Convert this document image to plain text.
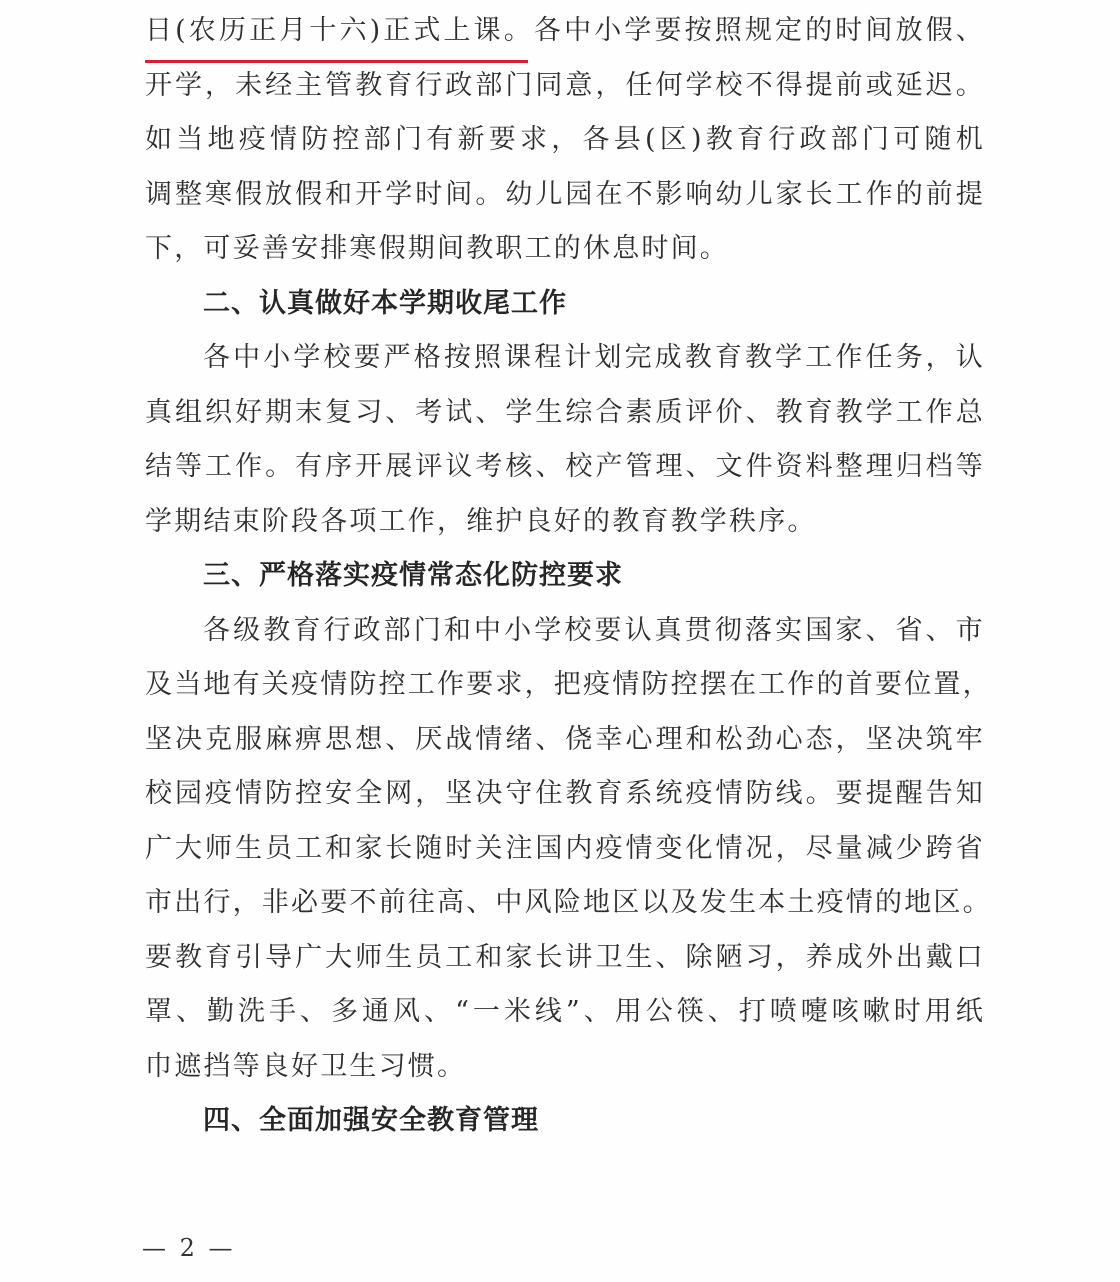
日(农历正月十六)正式上课
。各中小学要按照规定的时间放假、
开学，未经主管教育行政部门同意，任何学校不得提前或延迟。
如当地疫情防控部门有新要求，各县(区)教育行政部门可随机
调整寒假放假和开学时间。幼儿园在不影响幼儿家长工作的前提
下，可妥善安排寒假期间教职工的休息时间。
二、认真做好本学期收尾工作
各中小学校要严格按照课程计划完成教育教学工作任务，认
真组织好期末复习、考试、学生综合素质评价、教育教学工作总
结等工作。有序开展评议考核、校产管理、文件资料整理归档等
学期结束阶段各项工作，维护良好的教育教学秩序。
三、严格落实疫情常态化防控要求
各级教育行政部门和中小学校要认真贯彻落实国家、省、市
及当地有关疫情防控工作要求，把疫情防控摆在工作的首要位置，
坚决克服麻痹思想、厌战情绪、侥幸心理和松劲心态，坚决筑牢
校园疫情防控安全网，坚决守住教育系统疫情防线。要提醒告知
广大师生员工和家长随时关注国内疫情变化情况，尽量减少跨省
市出行，非必要不前往高、中风险地区以及发生本土疫情的地区。
要教育引导广大师生员工和家长讲卫生、除陋习，养成外出戴口
罩、勤洗手、多通风、“一米线”、用公筷、打喷嚏咳嗽时用纸
巾遮挡等良好卫生习惯。
四、全面加强安全教育管理
— 2 —
